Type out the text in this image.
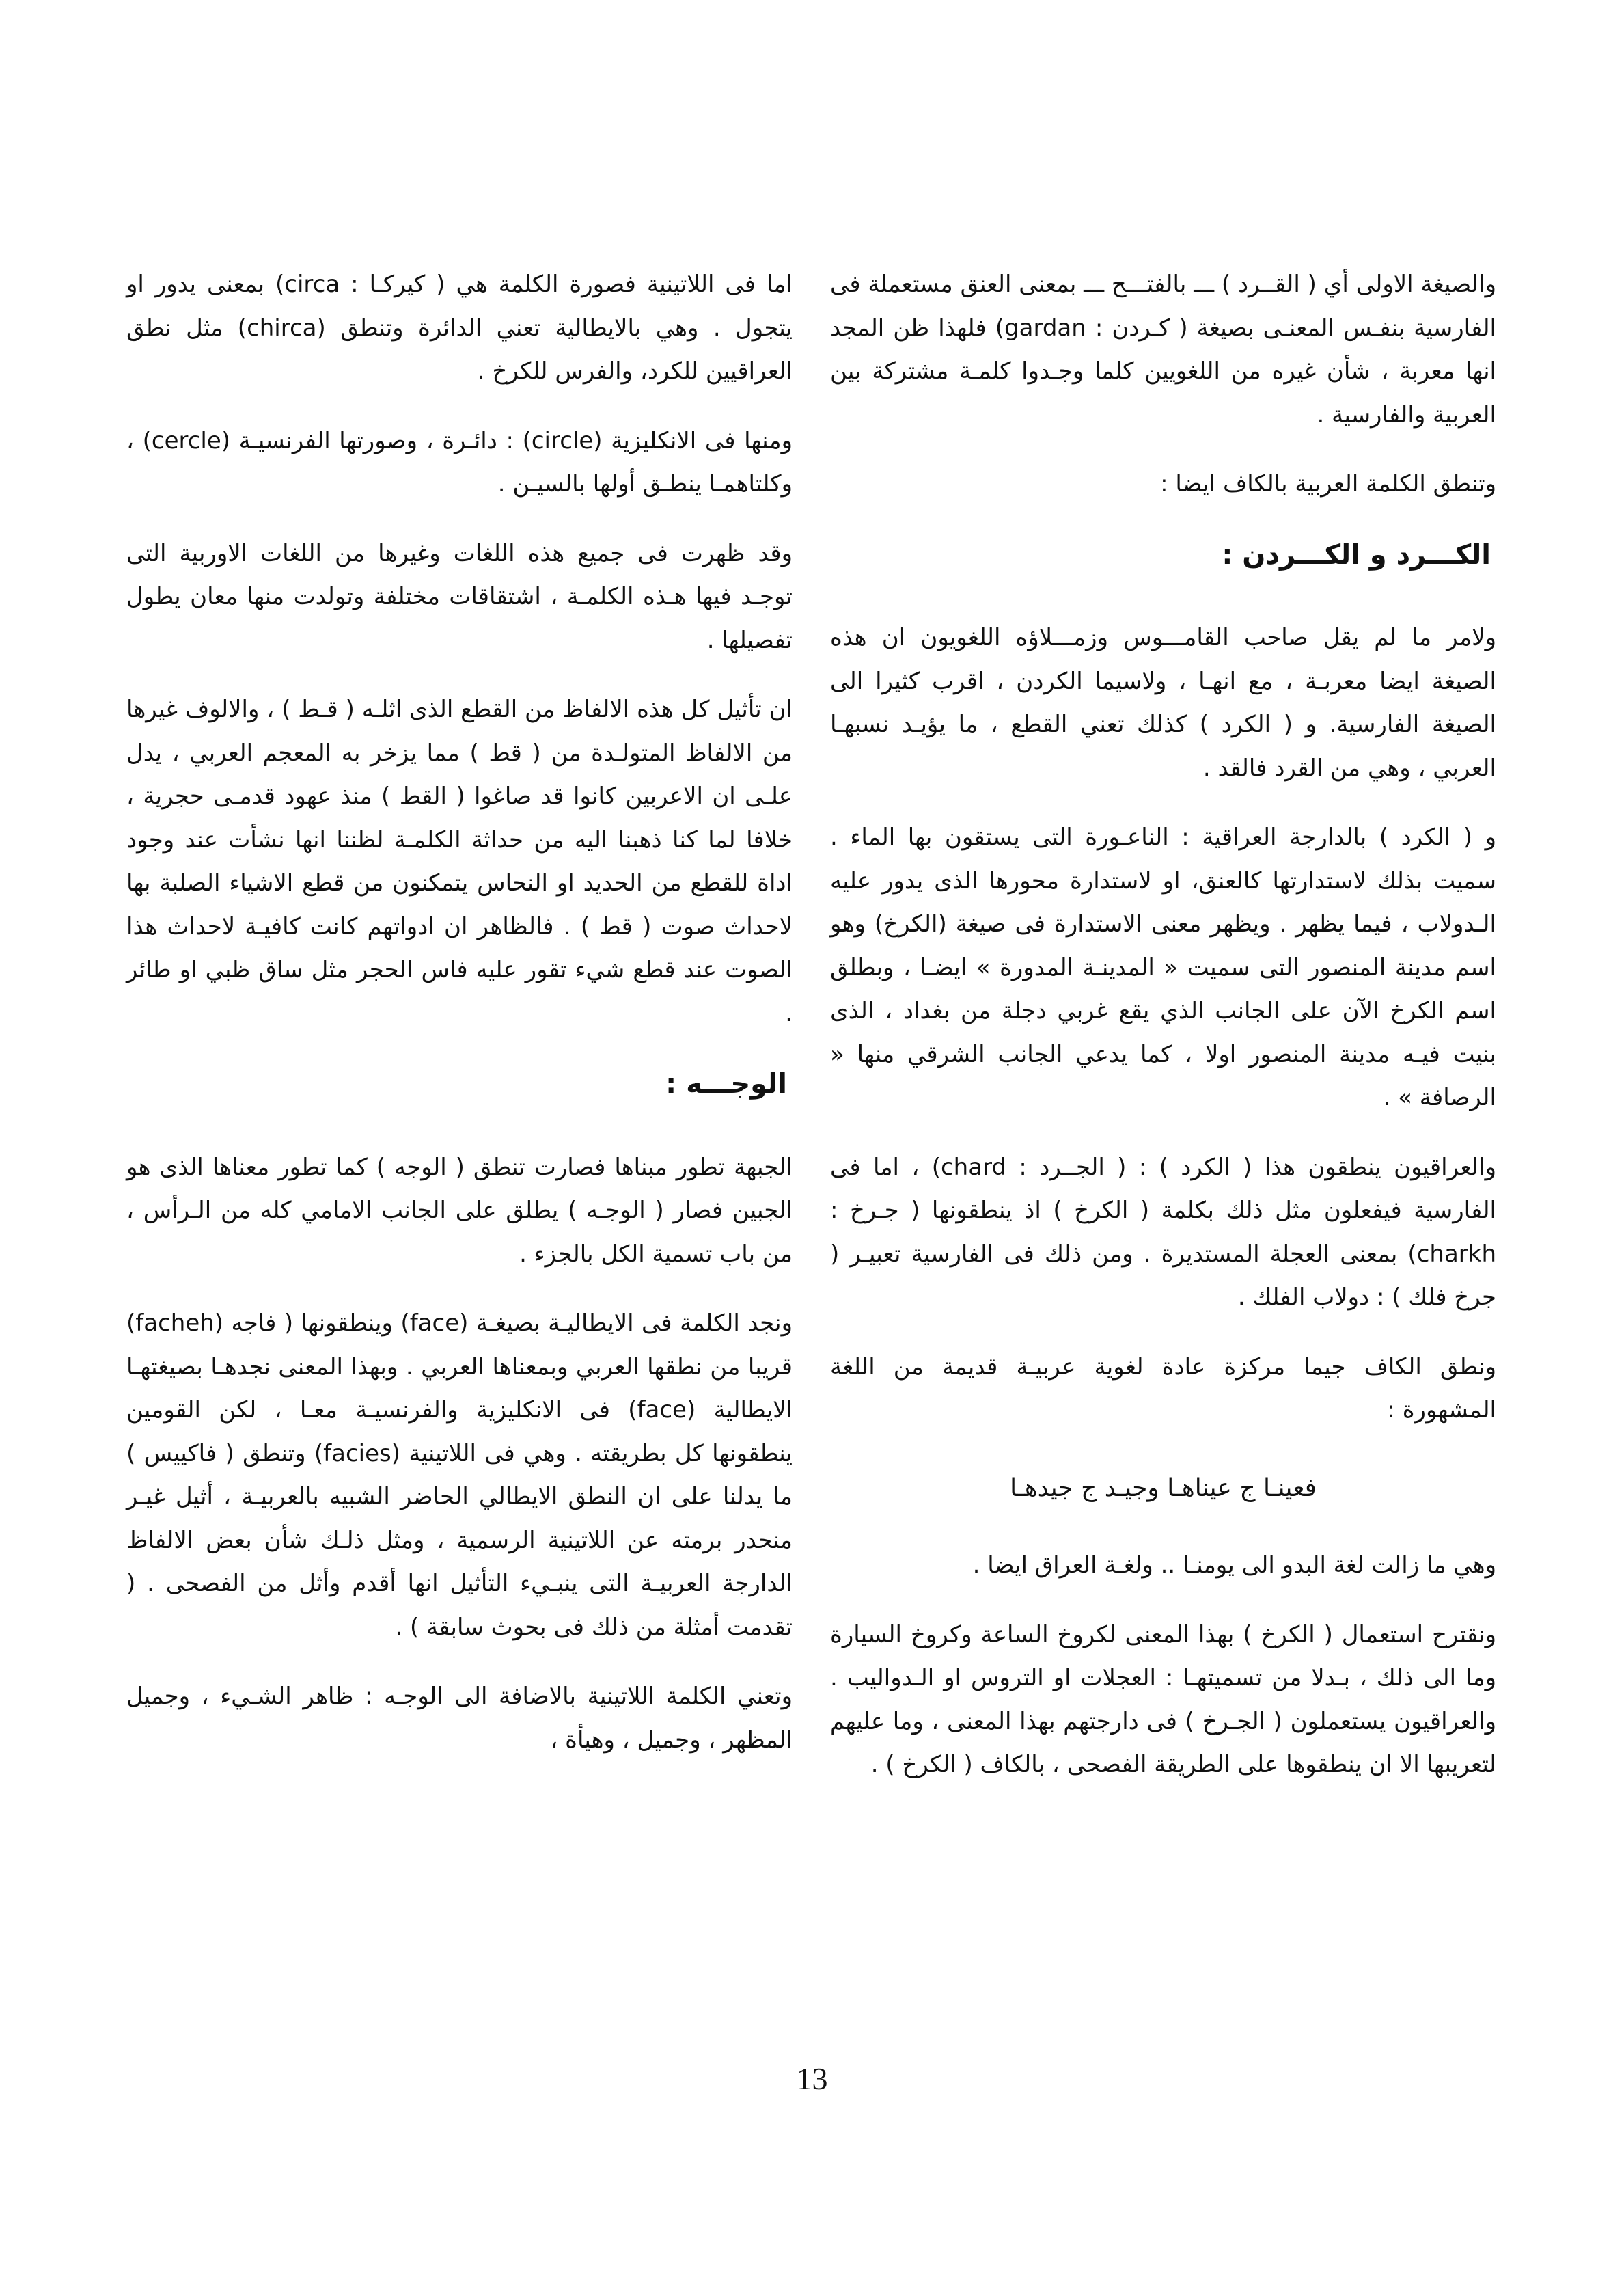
والصيغة الاولى أي ( القــرد ) ـــ بالفتـــح ـــ بمعنى العنق مستعملة فى الفارسية بنفـس المعنـى بصيغة ( كـردن : gardan) فلهذا ظن المجد انها معربة ، شأن غيره من اللغويين كلما وجـدوا كلمـة مشتركة بين العربية والفارسية .

وتنطق الكلمة العربية بالكاف ايضا :

الكـــرد و الكـــردن :

ولامر ما لم يقل صاحب القامـــوس وزمـــلاؤه اللغويون ان هذه الصيغة ايضا معربـة ، مع انهـا ، ولاسيما الكردن ، اقرب كثيرا الى الصيغة الفارسية. و ( الكرد ) كذلك تعني القطع ، ما يؤيـد نسبهـا العربي ، وهي من القرد فالقد .

و ( الكرد ) بالدارجة العراقية : الناعـورة التى يستقون بها الماء . سميت بذلك لاستدارتها كالعنق، او لاستدارة محورها الذى يدور عليه الـدولاب ، فيما يظهر . ويظهر معنى الاستدارة فى صيغة (الكرخ) وهو اسم مدينة المنصور التى سميت « المدينـة المدورة » ايضـا ، وبطلق اسم الكرخ الآن على الجانب الذي يقع غربي دجلة من بغداد ، الذى بنيت فيـه مدينة المنصور اولا ، كما يدعي الجانب الشرقي منها « الرصافة » .

والعراقيون ينطقون هذا ( الكرد ) : ( الجــرد : chard) ، اما فى الفارسية فيفعلون مثل ذلك بكلمة ( الكرخ ) اذ ينطقونها ( جـرخ : charkh) بمعنى العجلة المستديرة . ومن ذلك فى الفارسية تعبيـر ( جرخ فلك ) : دولاب الفلك .

ونطق الكاف جيما مركزة عادة لغوية عربيـة قديمة من اللغة المشهورة :

فعينـا ج عيناهـا وجيـد ج جيدهـا

وهي ما زالت لغة البدو الى يومنـا .. ولغـة العراق ايضا .

ونقترح استعمال ( الكرخ ) بهذا المعنى لكروخ الساعة وكروخ السيارة وما الى ذلك ، بـدلا من تسميتهـا : العجلات او التروس او الـدواليب . والعراقيون يستعملون ( الجـرخ ) فى دارجتهم بهذا المعنى ، وما عليهم لتعريبها الا ان ينطقوها على الطريقة الفصحى ، بالكاف ( الكرخ ) .

اما فى اللاتينية فصورة الكلمة هي ( كيركـا : circa) بمعنى يدور او يتجول . وهي بالايطالية تعني الدائرة وتنطق (chirca) مثل نطق العراقيين للكرد، والفرس للكرخ .

ومنها فى الانكليزية (circle) : دائـرة ، وصورتها الفرنسيـة (cercle) ، وكلتاهمـا ينطـق أولها بالسيـن .

وقد ظهرت فى جميع هذه اللغات وغيرها من اللغات الاوربية التى توجـد فيها هـذه الكلمـة ، اشتقاقات مختلفة وتولدت منها معان يطول تفصيلها .

ان تأثيل كل هذه الالفاظ من القطع الذى اثلـه ( قـط ) ، والالوف غيرها من الالفاظ المتولـدة من ( قط ) مما يزخر به المعجم العربي ، يدل علـى ان الاعربين كانوا قد صاغوا ( القط ) منذ عهود قدمـى حجرية ، خلافا لما كنا ذهبنا اليه من حداثة الكلمـة لظننا انها نشأت عند وجود اداة للقطع من الحديد او النحاس يتمكنون من قطع الاشياء الصلبة بها لاحداث صوت ( قط ) . فالظاهر ان ادواتهم كانت كافيـة لاحداث هذا الصوت عند قطع شيء تقور عليه فاس الحجر مثل ساق ظبي او طائر .

الوجـــه :

الجبهة تطور مبناها فصارت تنطق ( الوجه ) كما تطور معناها الذى هو الجبين فصار ( الوجـه ) يطلق على الجانب الامامي كله من الـرأس ، من باب تسمية الكل بالجزء .

ونجد الكلمة فى الايطاليـة بصيغـة (face) وينطقونها ( فاجه (facheh) قريبا من نطقها العربي وبمعناها العربي . وبهذا المعنى نجدهـا بصيغتهـا الايطالية (face) فى الانكليزية والفرنسيـة معـا ، لكن القومين ينطقونها كل بطريقته . وهي فى اللاتينية (facies) وتنطق ( فاكييس ) ما يدلنا على ان النطق الايطالي الحاضر الشبيه بالعربيـة ، أثيل غيـر منحدر برمته عن اللاتينية الرسمية ، ومثل ذلـك شأن بعض الالفاظ الدارجة العربيـة التى ينبـيء التأثيل انها أقدم وأثل من الفصحى . ( تقدمت أمثلة من ذلك فى بحوث سابقة ) .

وتعني الكلمة اللاتينية بالاضافة الى الوجـه : ظاهر الشـيء ، وجميل المظهر ، وجميل ، وهيأة ،

13
